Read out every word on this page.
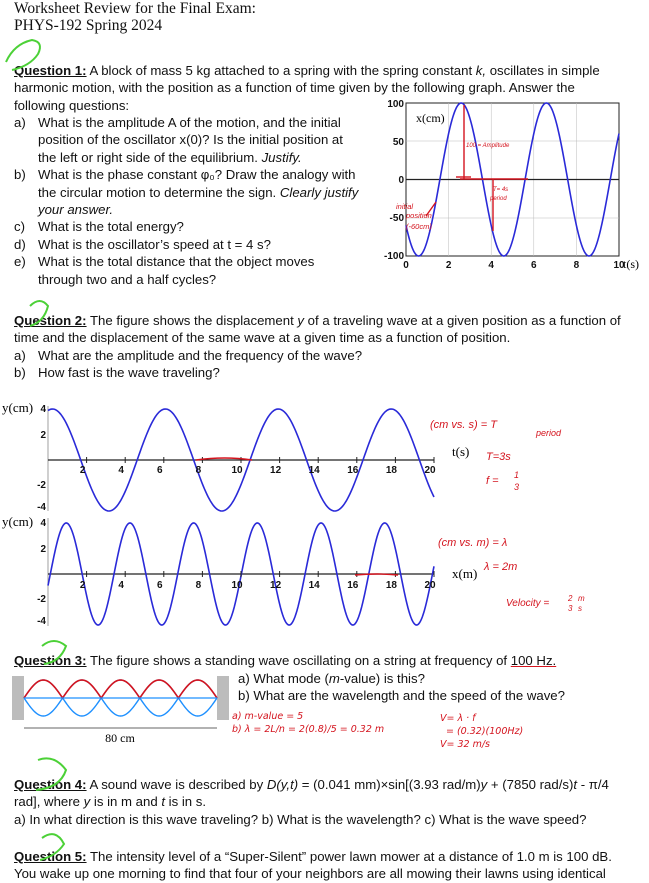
Worksheet Review for the Final Exam:
PHYS-192 Spring 2024
Question 1: A block of mass 5 kg attached to a spring with the spring constant k, oscillates in simple
harmonic motion, with the position as a function of time given by the following graph. Answer the
following questions:
a) What is the amplitude A of the motion, and the initial
position of the oscillator x(0)? Is the initial position at
the left or right side of the equilibrium. Justify.
b) What is the phase constant φ₀? Draw the analogy with
the circular motion to determine the sign. Clearly justify
your answer.
c) What is the total energy?
d) What is the oscillator’s speed at t = 4 s?
e) What is the total distance that the object moves
through two and a half cycles?
100
50
0
-50
-100
0	2	4	6	8	10
x(cm)
t(s)
100 = Amplitude
T= 4s
period
initial
position
(-60cm)
Question 2: The figure shows the displacement y of a traveling wave at a given position as a function of
time and the displacement of the same wave at a given time as a function of position.
a) What are the amplitude and the frequency of the wave?
b) How fast is the wave traveling?
y(cm)
t(s)
y(cm)
x(m)
4
2
-2
-4
4
2
-2
-4
2
2
4
4
6
6
8
8
10
10
12
12
14
14
16
16
18
18
20
20
(cm vs. s) = T
period
T=3s
f = 1
3
(cm vs. m) = λ
λ = 2m
Velocity = 2
3
m
s
Question 3: The figure shows a standing wave oscillating on a string at frequency of 100 Hz.
a) What mode (m-value) is this?
b) What are the wavelength and the speed of the wave?
80 cm
a) m-value = 5
b) λ = 2L/n = 2(0.8)/5 = 0.32 m
V= λ · f
= (0.32)(100Hz)
V= 32 m/s
Question 4: A sound wave is described by D(y,t) = (0.041 mm)×sin[(3.93 rad/m)y + (7850 rad/s)t - π/4
rad], where y is in m and t is in s.
a) In what direction is this wave traveling? b) What is the wavelength? c) What is the wave speed?
Question 5: The intensity level of a “Super-Silent” power lawn mower at a distance of 1.0 m is 100 dB.
You wake up one morning to find that four of your neighbors are all mowing their lawns using identical
